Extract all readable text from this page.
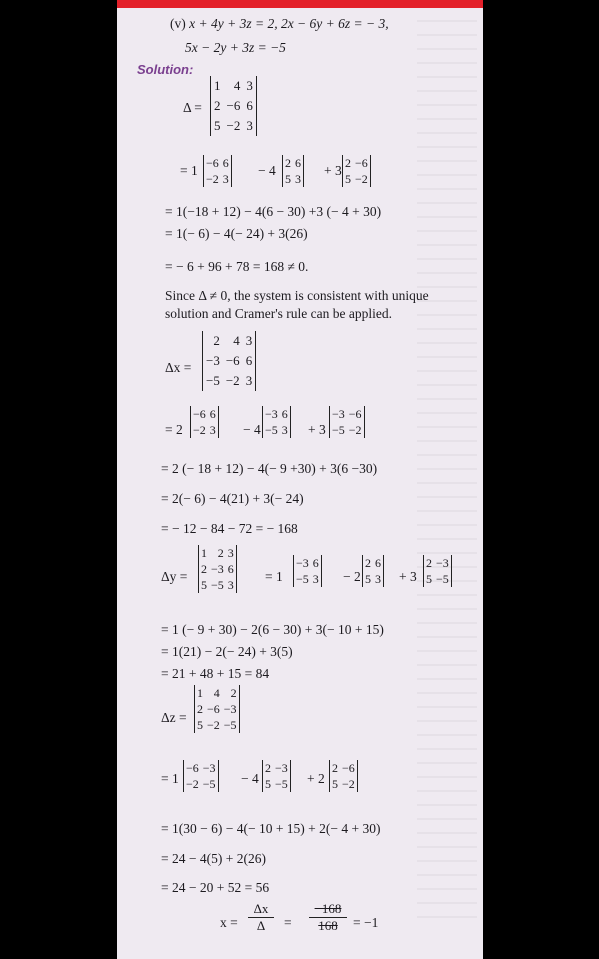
(v) x + 4y + 3z = 2, 2x − 6y + 6z = − 3,
5x − 2y + 3z = −5
Solution:
Δ =
1	4	3
2	−6	6
5	−2	3
= 1 −6	6
−2	3
− 4 2	6
5	3
+ 3 2	−6
5	−2
= 1(−18 + 12) − 4(6 − 30) +3 (− 4 + 30)
= 1(− 6) − 4(− 24) + 3(26)
= − 6 + 96 + 78 = 168 ≠ 0.
Since Δ ≠ 0, the system is consistent with unique
solution and Cramer's rule can be applied.
Δx =
2	4	3
−3	−6	6
−5	−2	3
= 2
−6	6
−2	3 − 4
−3	6
−5	3 + 3
−3	−6
−5	−2
= 2 (− 18 + 12) − 4(− 9 +30) + 3(6 −30)
= 2(− 6) − 4(21) + 3(− 24)
= − 12 − 84 − 72 = − 168
Δy =
1	2	3
2	−3	6
5	−5	3
= 1
−3	6
−5	3 − 2
2	6
5	3 + 3
2	−3
5	−5
= 1 (− 9 + 30) − 2(6 − 30) + 3(− 10 + 15)
= 1(21) − 2(− 24) + 3(5)
= 21 + 48 + 15 = 84
Δz =
1	4	2
2	−6	−3
5	−2	−5
= 1
−6	−3
−2	−5 − 4
2	−3
5	−5 + 2
2	−6
5	−2
= 1(30 − 6) − 4(− 10 + 15) + 2(− 4 + 30)
= 24 − 4(5) + 2(26)
= 24 − 20 + 52 = 56
$x = \frac{\Delta x}{\Delta} = \frac{-168}{168} = -1$
